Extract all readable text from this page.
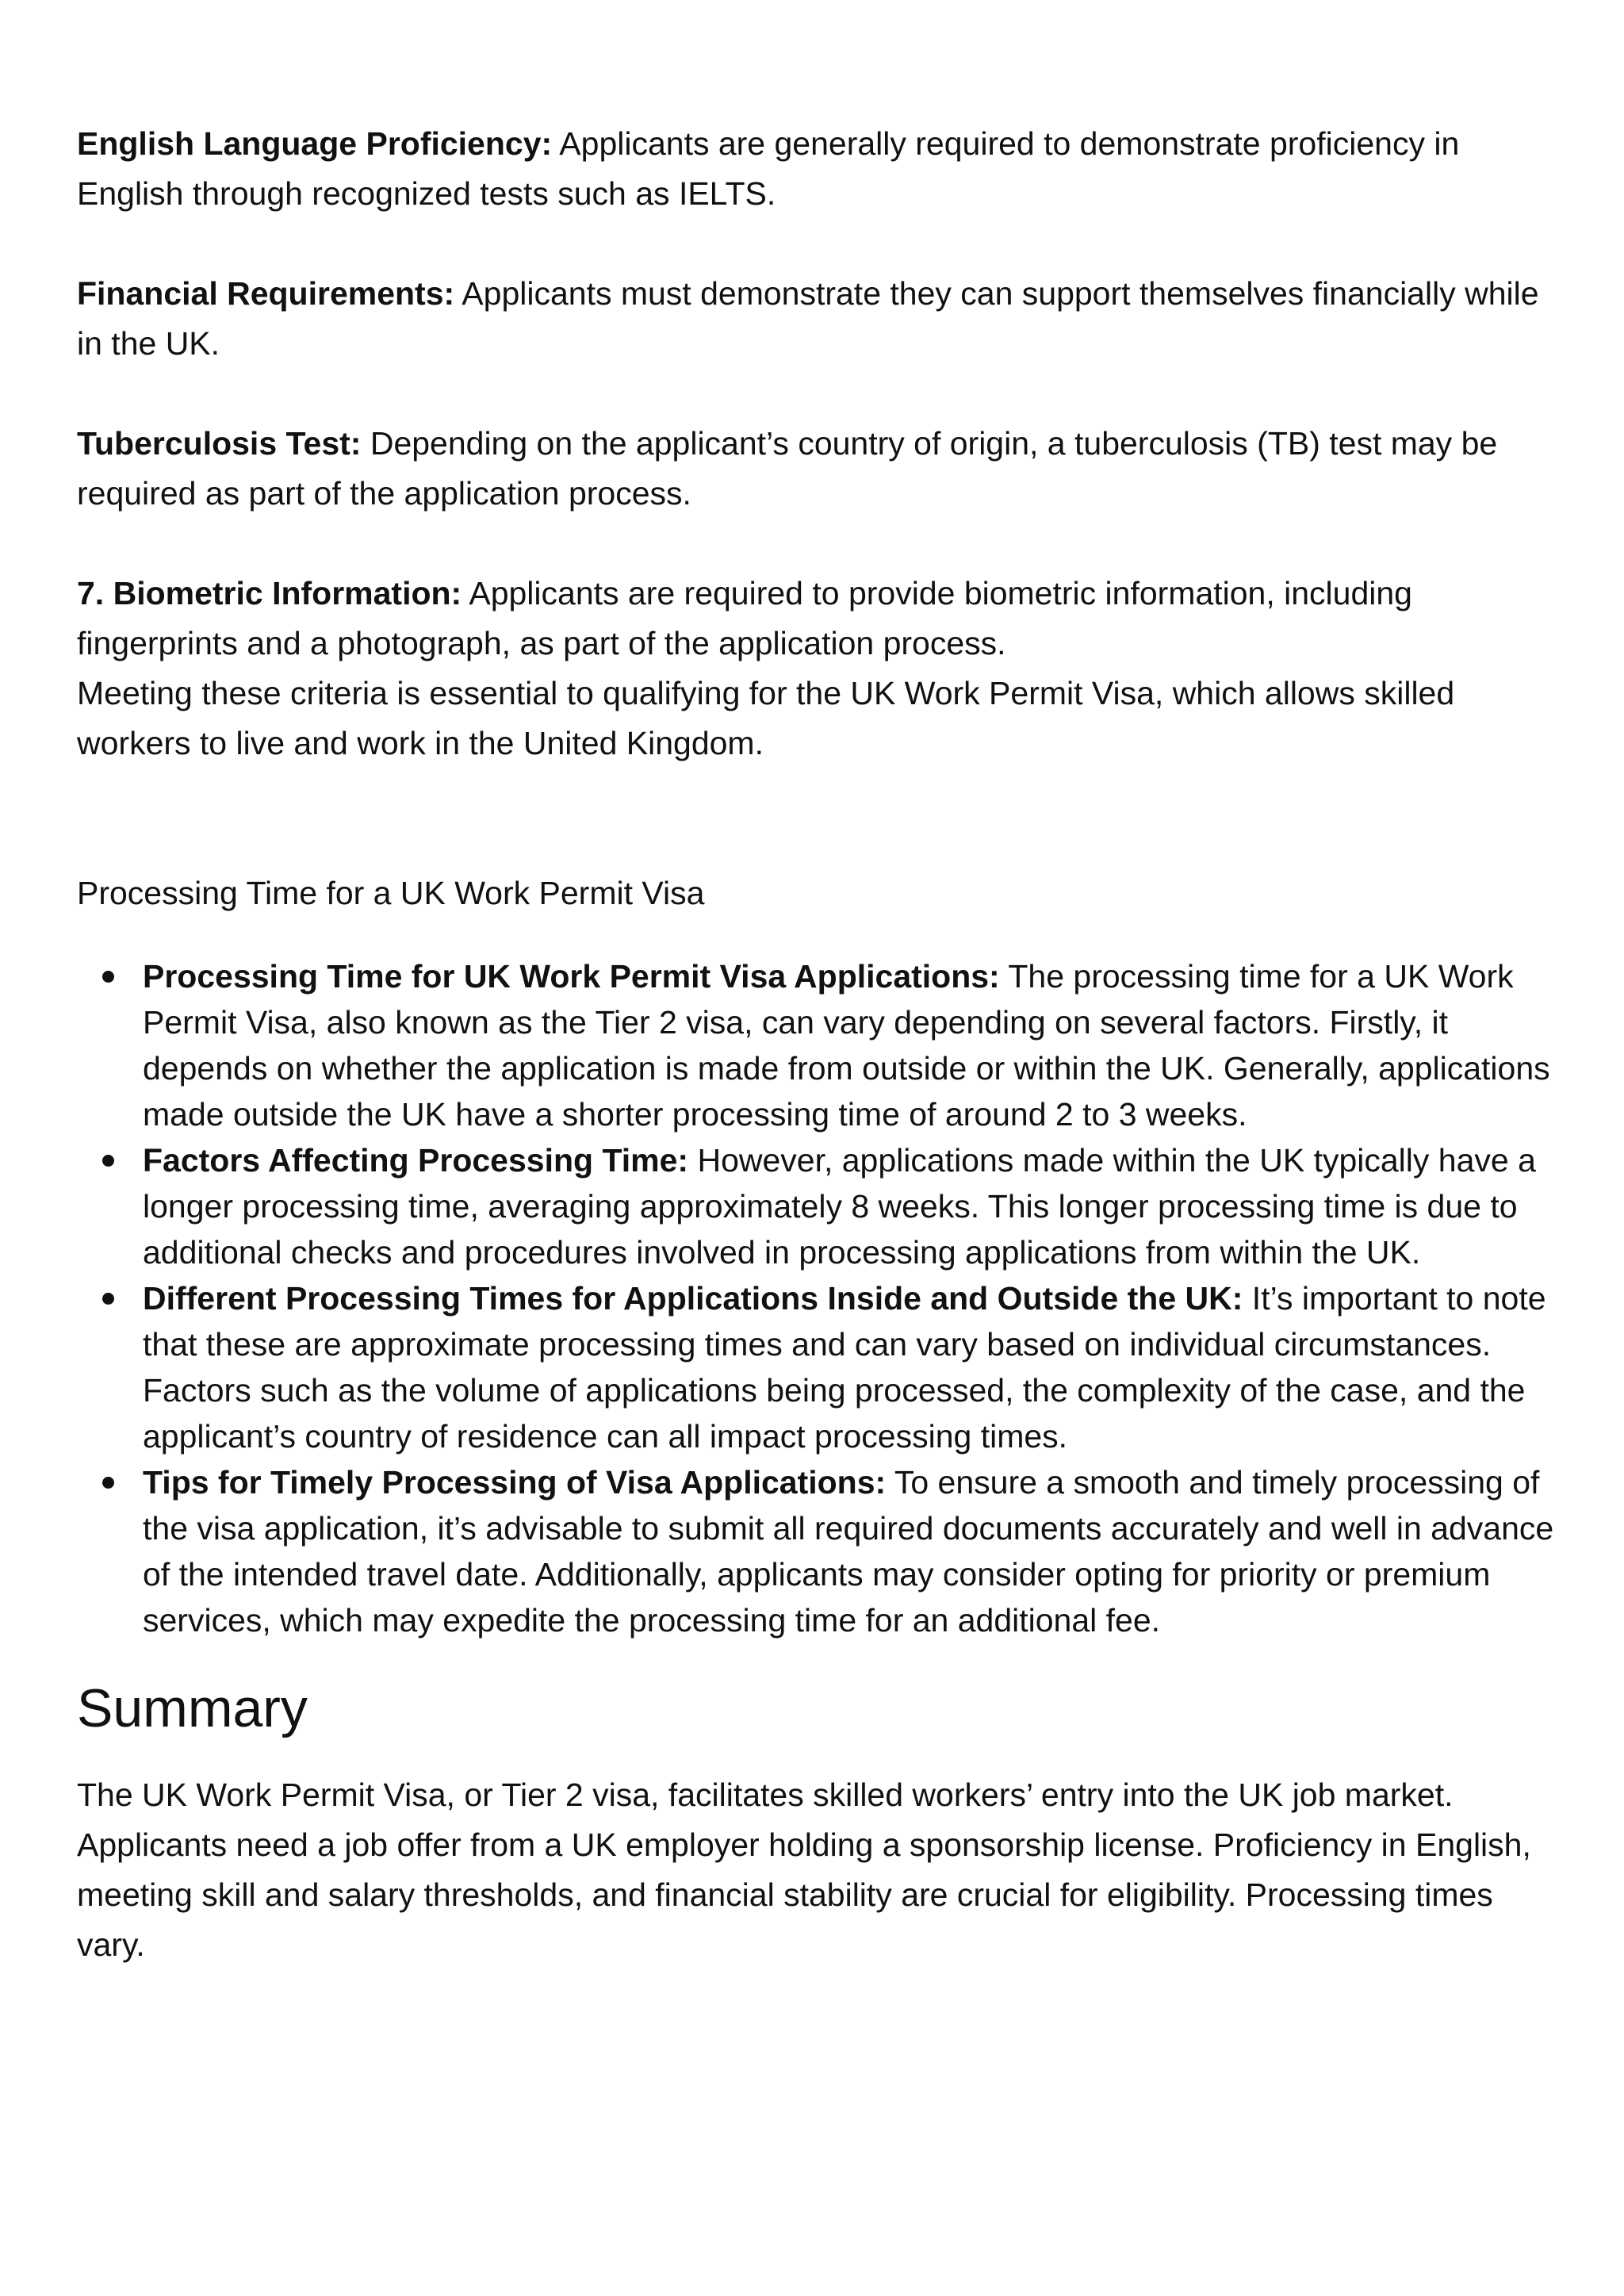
English Language Proficiency: Applicants are generally required to demonstrate proficiency in English through recognized tests such as IELTS.

Financial Requirements: Applicants must demonstrate they can support themselves financially while in the UK.

Tuberculosis Test: Depending on the applicant’s country of origin, a tuberculosis (TB) test may be required as part of the application process.

7. Biometric Information: Applicants are required to provide biometric information, including fingerprints and a photograph, as part of the application process.

Meeting these criteria is essential to qualifying for the UK Work Permit Visa, which allows skilled workers to live and work in the United Kingdom.

Processing Time for a UK Work Permit Visa

Processing Time for UK Work Permit Visa Applications: The processing time for a UK Work Permit Visa, also known as the Tier 2 visa, can vary depending on several factors. Firstly, it depends on whether the application is made from outside or within the UK. Generally, applications made outside the UK have a shorter processing time of around 2 to 3 weeks.
Factors Affecting Processing Time: However, applications made within the UK typically have a longer processing time, averaging approximately 8 weeks. This longer processing time is due to additional checks and procedures involved in processing applications from within the UK.
Different Processing Times for Applications Inside and Outside the UK: It’s important to note that these are approximate processing times and can vary based on individual circumstances. Factors such as the volume of applications being processed, the complexity of the case, and the applicant’s country of residence can all impact processing times.
Tips for Timely Processing of Visa Applications: To ensure a smooth and timely processing of the visa application, it’s advisable to submit all required documents accurately and well in advance of the intended travel date. Additionally, applicants may consider opting for priority or premium services, which may expedite the processing time for an additional fee.
Summary

The UK Work Permit Visa, or Tier 2 visa, facilitates skilled workers’ entry into the UK job market. Applicants need a job offer from a UK employer holding a sponsorship license. Proficiency in English, meeting skill and salary thresholds, and financial stability are crucial for eligibility. Processing times vary.
